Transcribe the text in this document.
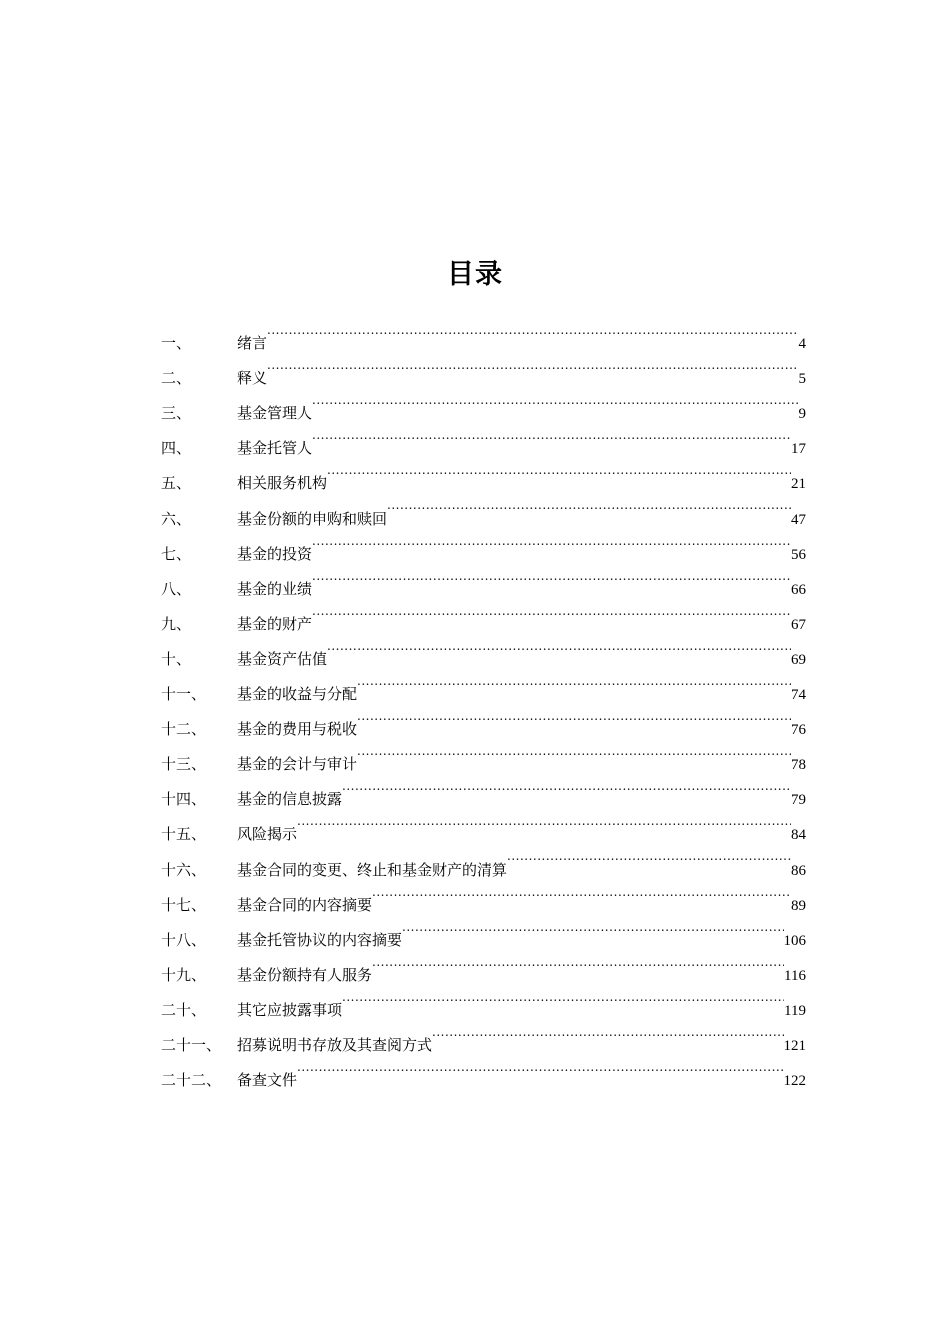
目录
一、	绪言 .....	4
二、	释义 .....	5
三、	基金管理人 .....	9
四、	基金托管人 .....	17
五、	相关服务机构 .....	21
六、	基金份额的申购和赎回 .....	47
七、	基金的投资 .....	56
八、	基金的业绩 .....	66
九、	基金的财产 .....	67
十、	基金资产估值 .....	69
十一、	基金的收益与分配 .....	74
十二、	基金的费用与税收 .....	76
十三、	基金的会计与审计 .....	78
十四、	基金的信息披露 .....	79
十五、	风险揭示 .....	84
十六、	基金合同的变更、终止和基金财产的清算 .....	86
十七、	基金合同的内容摘要 .....	89
十八、	基金托管协议的内容摘要 .....	106
十九、	基金份额持有人服务 .....	116
二十、	其它应披露事项 .....	119
二十一、	招募说明书存放及其查阅方式 .....	121
二十二、	备查文件 .....	122
